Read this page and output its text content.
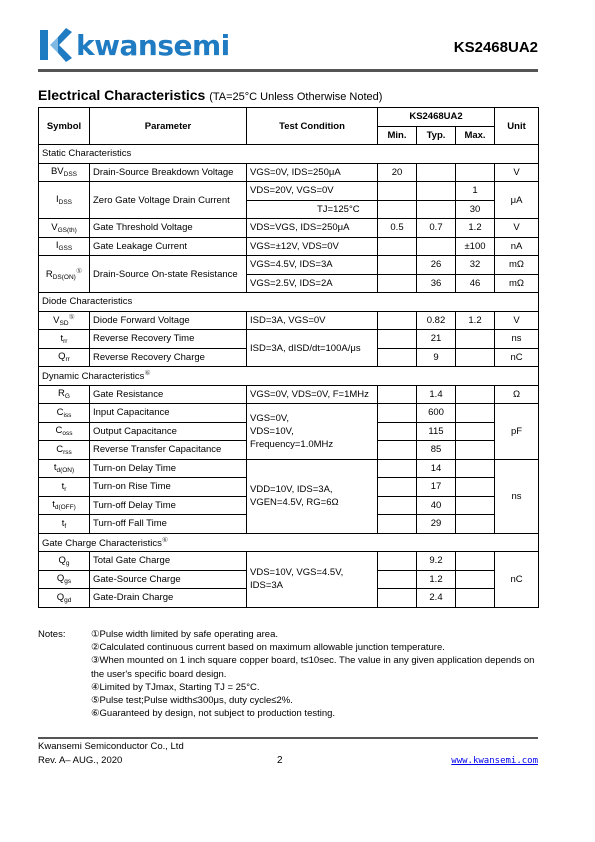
kwansemi	KS2468UA2
Electrical Characteristics (TA=25°C Unless Otherwise Noted)
Symbol	Parameter	Test Condition	KS2468UA2			Unit
			Min.	Typ.	Max.	
Static Characteristics						
$BV_{DSS}$	Drain-Source Breakdown Voltage	VGS=0V, IDS=250μA	20			V
$I_{DSS}$	Zero Gate Voltage Drain Current	VDS=20V, VGS=0V			1	μA
		TJ=125°C			30	
$V_{GS(th)}$	Gate Threshold Voltage	VDS=VGS, IDS=250μA	0.5	0.7	1.2	V
$I_{GSS}$	Gate Leakage Current	VGS=±12V, VDS=0V			±100	nA
$R_{DS(ON)}^⑤$	Drain-Source On-state Resistance	VGS=4.5V, IDS=3A		26	32	mΩ
		VGS=2.5V, IDS=2A		36	46	mΩ
Diode Characteristics						
$V_{SD}^⑤$	Diode Forward Voltage	ISD=3A, VGS=0V		0.82	1.2	V
$t_{rr}$	Reverse Recovery Time	ISD=3A, dISD/dt=100A/μs		21		ns
$Q_{rr}$	Reverse Recovery Charge			9		nC
Dynamic Characteristics⑥
$R_G$	Gate Resistance	VGS=0V, VDS=0V, F=1MHz		1.4		Ω
$C_{iss}$	Input Capacitance	VGS=0V,
VDS=10V,
Frequency=1.0MHz		600		pF
$C_{oss}$	Output Capacitance			115		
$C_{rss}$	Reverse Transfer Capacitance			85		
$t_{d(ON)}$	Turn-on Delay Time	VDD=10V, IDS=3A,
VGEN=4.5V, RG=6Ω		14		ns
$t_r$	Turn-on Rise Time			17		
$t_{d(OFF)}$	Turn-off Delay Time			40		
$t_f$	Turn-off Fall Time			29		
Gate Charge Characteristics⑥
$Q_g$	Total Gate Charge	VDS=10V, VGS=4.5V,
IDS=3A		9.2		nC
$Q_{gs}$	Gate-Source Charge			1.2		
$Q_{gd}$	Gate-Drain Charge			2.4		
Notes:	①Pulse width limited by safe operating area.
②Calculated continuous current based on maximum allowable junction temperature.
③When mounted on 1 inch square copper board, t≤10sec. The value in any given application depends on the user's specific board design.
④Limited by TJmax, Starting TJ = 25°C.
⑤Pulse test;Pulse width≤300μs, duty cycle≤2%.
⑥Guaranteed by design, not subject to production testing.
Kwansemi Semiconductor Co., Ltd
Rev. A– AUG., 2020	2	www.kwansemi.com
